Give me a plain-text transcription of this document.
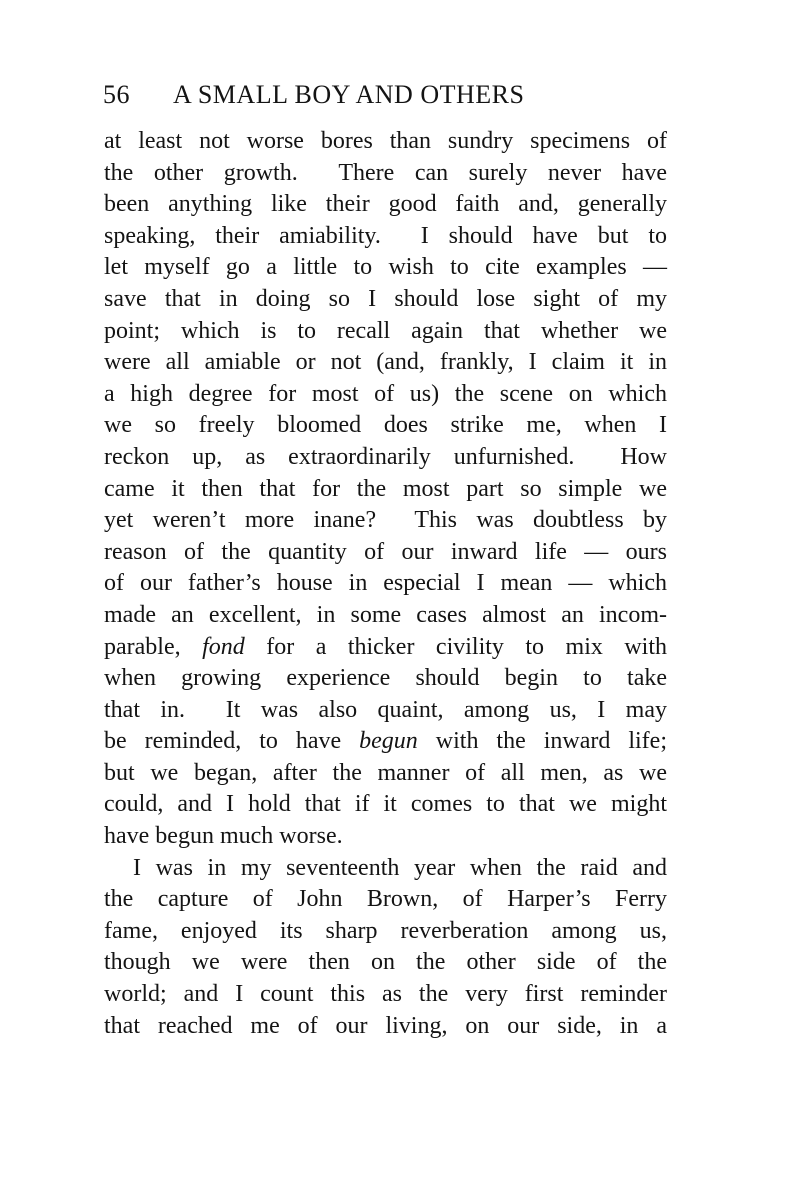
56 A SMALL BOY AND OTHERS
at least not worse bores than sundry specimens of
the other growth.  There can surely never have
been anything like their good faith and, generally
speaking, their amiability.  I should have but to
let myself go a little to wish to cite examples —
save that in doing so I should lose sight of my
point; which is to recall again that whether we
were all amiable or not (and, frankly, I claim it in
a high degree for most of us) the scene on which
we so freely bloomed does strike me, when I
reckon up, as extraordinarily unfurnished.  How
came it then that for the most part so simple we
yet weren’t more inane?  This was doubtless by
reason of the quantity of our inward life — ours
of our father’s house in especial I mean — which
made an excellent, in some cases almost an incom-
parable, fond for a thicker civility to mix with
when growing experience should begin to take
that in.  It was also quaint, among us, I may
be reminded, to have begun with the inward life;
but we began, after the manner of all men, as we
could, and I hold that if it comes to that we might
have begun much worse.
I was in my seventeenth year when the raid and
the capture of John Brown, of Harper’s Ferry
fame, enjoyed its sharp reverberation among us,
though we were then on the other side of the
world; and I count this as the very first reminder
that reached me of our living, on our side, in a
